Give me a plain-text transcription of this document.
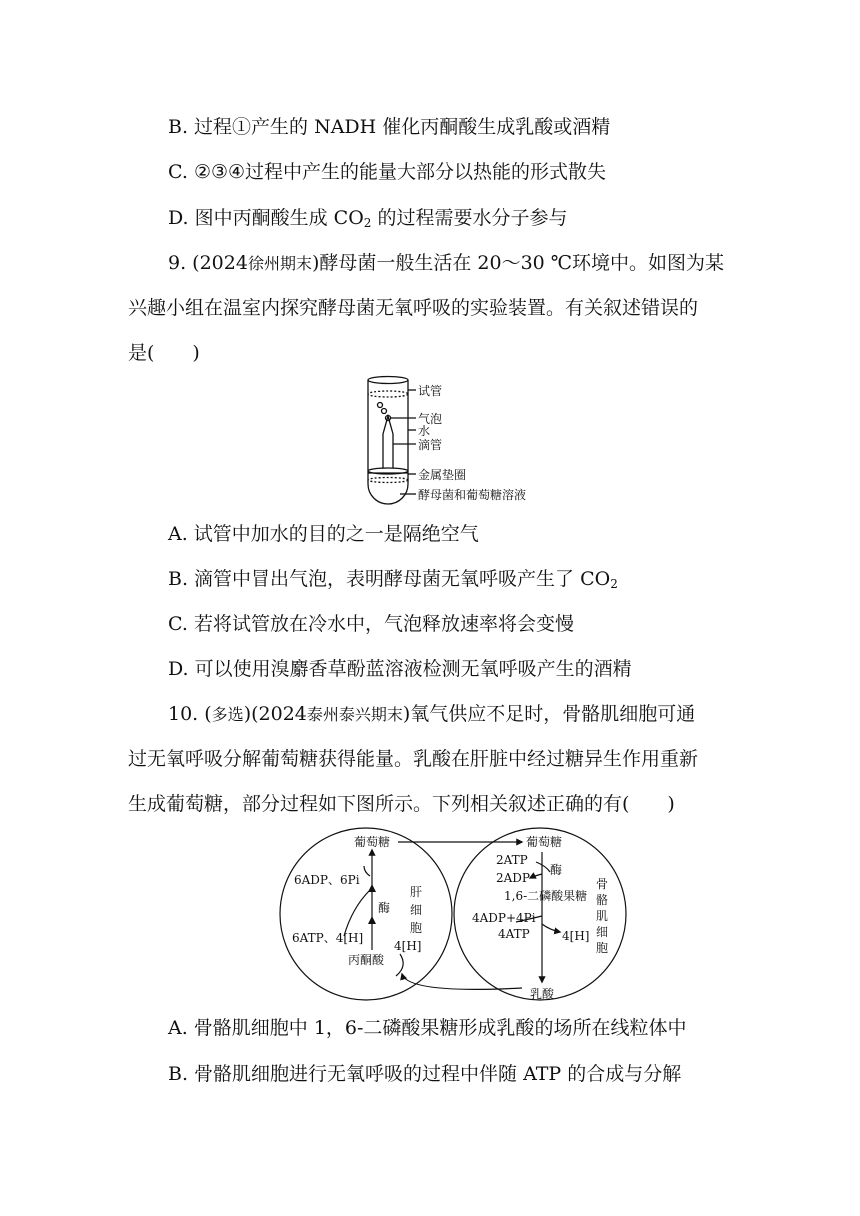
B. 过程①产生的 NADH 催化丙酮酸生成乳酸或酒精
C. ②③④过程中产生的能量大部分以热能的形式散失
D. 图中丙酮酸生成 $CO_2$ 的过程需要水分子参与
9. (2024徐州期末)酵母菌一般生活在 20～30 ℃环境中。如图为某
兴趣小组在温室内探究酵母菌无氧呼吸的实验装置。有关叙述错误的
是(　　)
试管
气泡
水
滴管
金属垫圈
酵母菌和葡萄糖溶液
A. 试管中加水的目的之一是隔绝空气
B. 滴管中冒出气泡，表明酵母菌无氧呼吸产生了 $CO_2$
C. 若将试管放在冷水中，气泡释放速率将会变慢
D. 可以使用溴麝香草酚蓝溶液检测无氧呼吸产生的酒精
10. (多选)(2024泰州泰兴期末)氧气供应不足时，骨骼肌细胞可通
过无氧呼吸分解葡萄糖获得能量。乳酸在肝脏中经过糖异生作用重新
生成葡萄糖，部分过程如下图所示。下列相关叙述正确的有(　　)
葡萄糖
6ADP、6Pi
酶
6ATP、4[H]
4[H]
丙酮酸
肝
细
胞
葡萄糖
2ATP
酶
2ADP
1,6-二磷酸果糖
4ADP+4Pi
4ATP	4[H]
乳酸
骨
骼
肌
细
胞
A. 骨骼肌细胞中 1，6-二磷酸果糖形成乳酸的场所在线粒体中
B. 骨骼肌细胞进行无氧呼吸的过程中伴随 ATP 的合成与分解
